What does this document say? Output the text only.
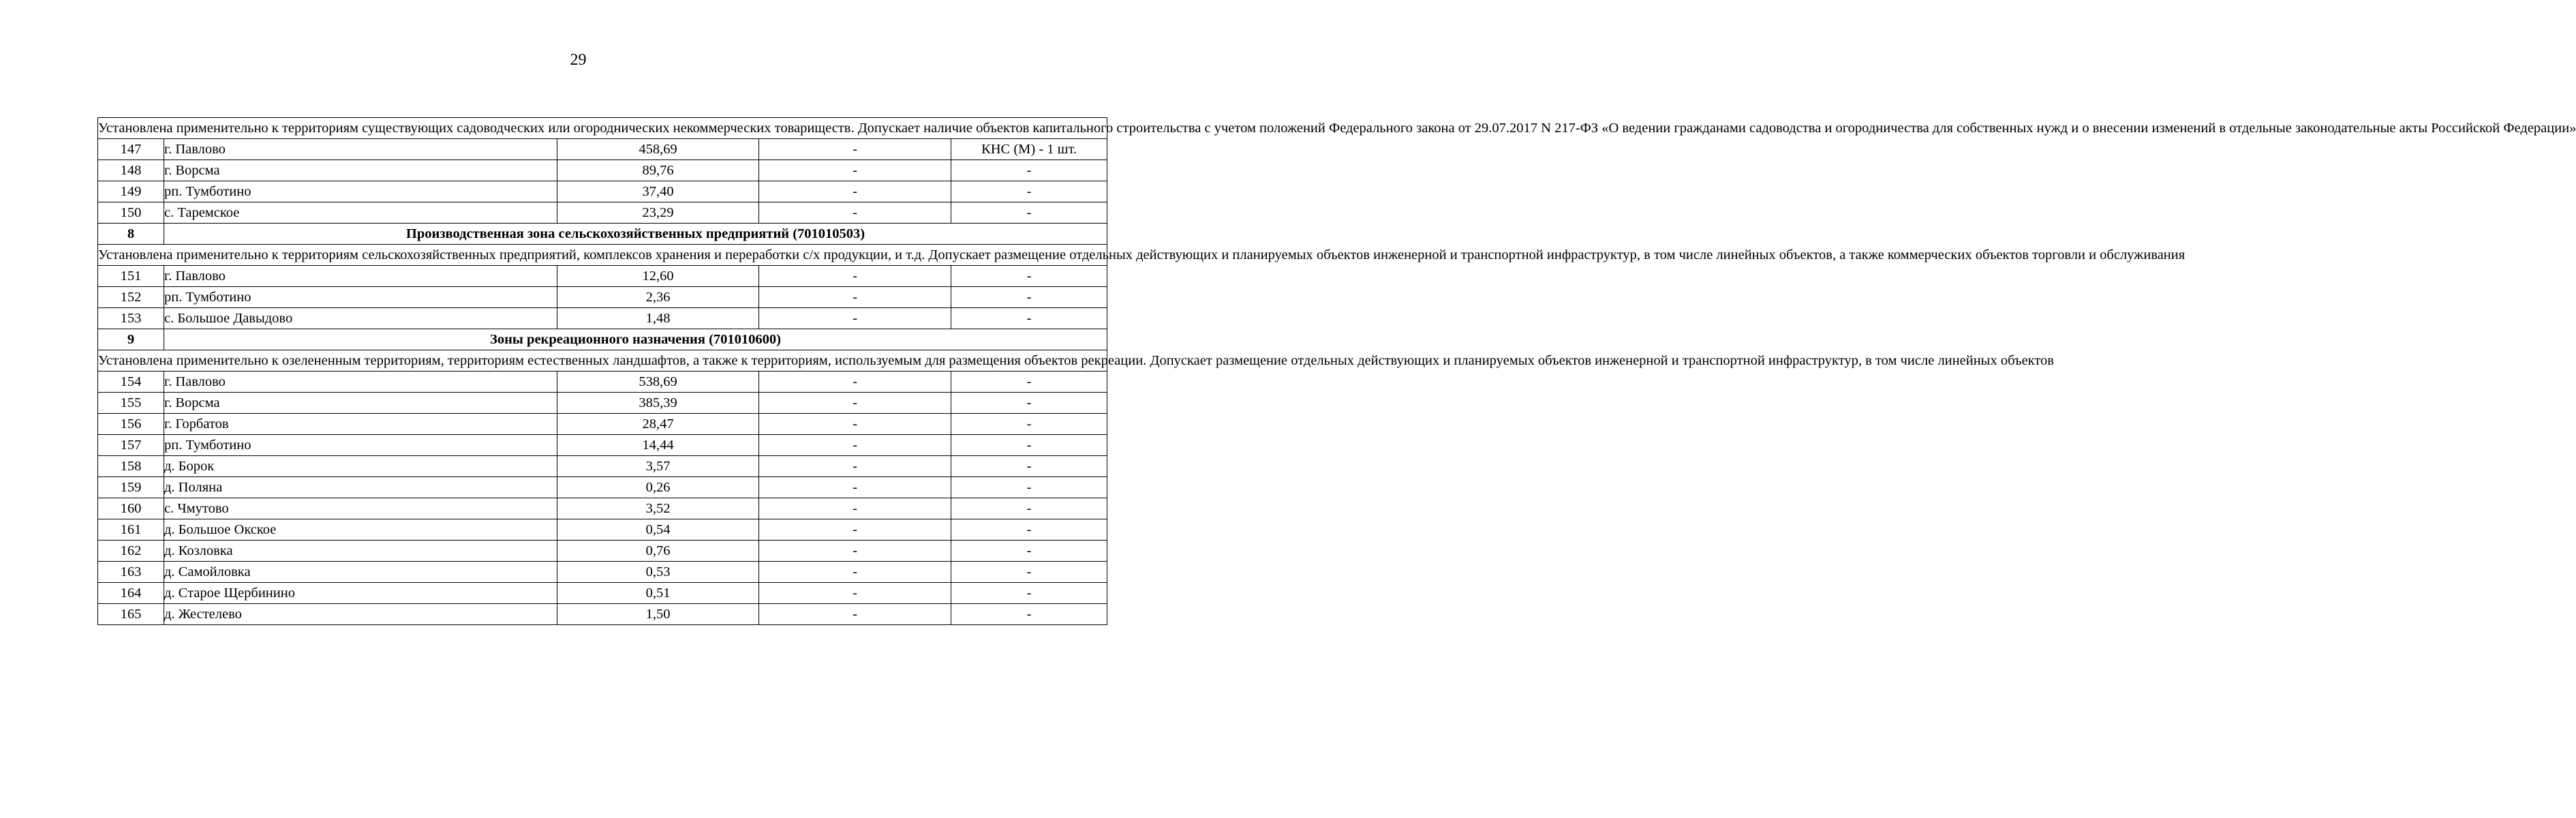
29
Установлена применительно к территориям существующих садоводческих или огороднических некоммерческих товариществ. Допускает наличие объектов капитального строительства с учетом положений Федерального закона от 29.07.2017 N 217-ФЗ «О ведении гражданами садоводства и огородничества для собственных нужд и о внесении изменений в отдельные законодательные акты Российской Федерации»				
147	г. Павлово	458,69	-	КНС (М) - 1 шт.
148	г. Ворсма	89,76	-	-
149	рп. Тумботино	37,40	-	-
150	с. Таремское	23,29	-	-
8	Производственная зона сельскохозяйственных предприятий (701010503)			
Установлена применительно к территориям сельскохозяйственных предприятий, комплексов хранения и переработки с/х продукции, и т.д. Допускает размещение отдельных действующих и планируемых объектов инженерной и транспортной инфраструктур, в том числе линейных объектов, а также коммерческих объектов торговли и обслуживания				
151	г. Павлово	12,60	-	-
152	рп. Тумботино	2,36	-	-
153	с. Большое Давыдово	1,48	-	-
9	Зоны рекреационного назначения (701010600)			
Установлена применительно к озелененным территориям, территориям естественных ландшафтов, а также к территориям, используемым для размещения объектов рекреации. Допускает размещение отдельных действующих и планируемых объектов инженерной и транспортной инфраструктур, в том числе линейных объектов				
154	г. Павлово	538,69	-	-
155	г. Ворсма	385,39	-	-
156	г. Горбатов	28,47	-	-
157	рп. Тумботино	14,44	-	-
158	д. Борок	3,57	-	-
159	д. Поляна	0,26	-	-
160	с. Чмутово	3,52	-	-
161	д. Большое Окское	0,54	-	-
162	д. Козловка	0,76	-	-
163	д. Самойловка	0,53	-	-
164	д. Старое Щербинино	0,51	-	-
165	д. Жестелево	1,50	-	-
